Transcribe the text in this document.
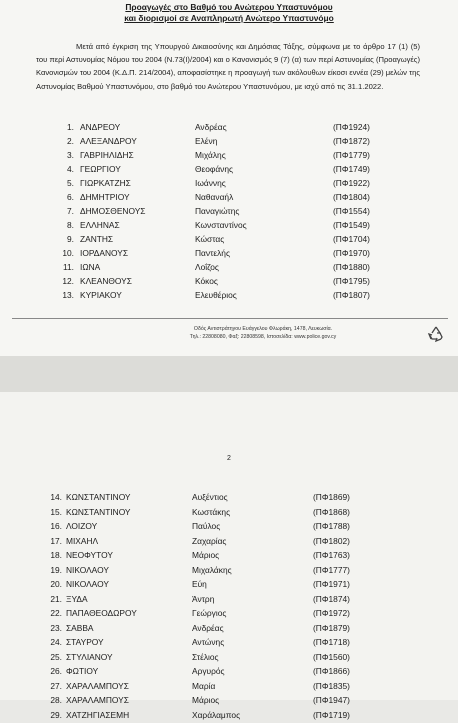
Προαγωγές στο Βαθμό του Ανώτερου Υπαστυνόμου

και διορισμοί σε Αναπληρωτή Ανώτερο Υπαστυνόμο

Μετά από έγκριση της Υπουργού Δικαιοσύνης και Δημόσιας Τάξης, σύμφωνα με το άρθρο 17 (1) (5) του περί Αστυνομίας Νόμου του 2004 (Ν.73(Ι)/2004) και ο Κανονισμός 9 (7) (α) των περί Αστυνομίας (Προαγωγές) Κανονισμών του 2004 (Κ.Δ.Π. 214/2004), αποφασίστηκε η προαγωγή των ακόλουθων είκοσι εννέα (29) μελών της Αστυνομίας Βαθμού Υπαστυνόμου, στο βαθμό του Ανώτερου Υπαστυνόμου, με ισχύ από τις 31.1.2022.
1. ΑΝΔΡΕΟΥ	Ανδρέας	(ΠΦ1924)
2. ΑΛΕΞΑΝΔΡΟΥ	Ελένη	(ΠΦ1872)
3. ΓΑΒΡΙΗΛΙΔΗΣ	Μιχάλης	(ΠΦ1779)
4. ΓΕΩΡΓΙΟΥ	Θεοφάνης	(ΠΦ1749)
5. ΓΙΩΡΚΑΤΖΗΣ	Ιωάννης	(ΠΦ1922)
6. ΔΗΜΗΤΡΙΟΥ	Ναθαναήλ	(ΠΦ1804)
7. ΔΗΜΟΣΘΕΝΟΥΣ	Παναγιώτης	(ΠΦ1554)
8. ΕΛΛΗΝΑΣ	Κωνσταντίνος	(ΠΦ1549)
9. ΖΑΝΤΗΣ	Κώστας	(ΠΦ1704)
10. ΙΟΡΔΑΝΟΥΣ	Παντελής	(ΠΦ1970)
11. ΙΩΝΑ	Λοΐζος	(ΠΦ1880)
12. ΚΛΕΑΝΘΟΥΣ	Κόκος	(ΠΦ1795)
13. ΚΥΡΙΑΚΟΥ	Ελευθέριος	(ΠΦ1807)
Οδός Αντιστράτηγου Ευάγγελου Φλωράκη, 1478, Λευκωσία.
Τηλ.: 22808080, Φαξ: 22808598, Ιστοσελίδα: www.police.gov.cy
2
14. ΚΩΝΣΤΑΝΤΙΝΟΥ	Αυξέντιος	(ΠΦ1869)
15. ΚΩΝΣΤΑΝΤΙΝΟΥ	Κωστάκης	(ΠΦ1868)
16. ΛΟΙΖΟΥ	Παύλος	(ΠΦ1788)
17. ΜΙΧΑΗΛ	Ζαχαρίας	(ΠΦ1802)
18. ΝΕΟΦΥΤΟΥ	Μάριος	(ΠΦ1763)
19. ΝΙΚΟΛΑΟΥ	Μιχαλάκης	(ΠΦ1777)
20. ΝΙΚΟΛΑΟΥ	Εύη	(ΠΦ1971)
21. ΞΥΔΑ	Άντρη	(ΠΦ1874)
22. ΠΑΠΑΘΕΟΔΩΡΟΥ	Γεώργιος	(ΠΦ1972)
23. ΣΑΒΒΑ	Ανδρέας	(ΠΦ1879)
24. ΣΤΑΥΡΟΥ	Αντώνης	(ΠΦ1718)
25. ΣΤΥΛΙΑΝΟΥ	Στέλιος	(ΠΦ1560)
26. ΦΩΤΙΟΥ	Αργυρός	(ΠΦ1866)
27. ΧΑΡΑΛΑΜΠΟΥΣ	Μαρία	(ΠΦ1835)
28. ΧΑΡΑΛΑΜΠΟΥΣ	Μάριος	(ΠΦ1947)
29. ΧΑΤΖΗΓΙΑΣΕΜΗ	Χαράλαμπος	(ΠΦ1719)
